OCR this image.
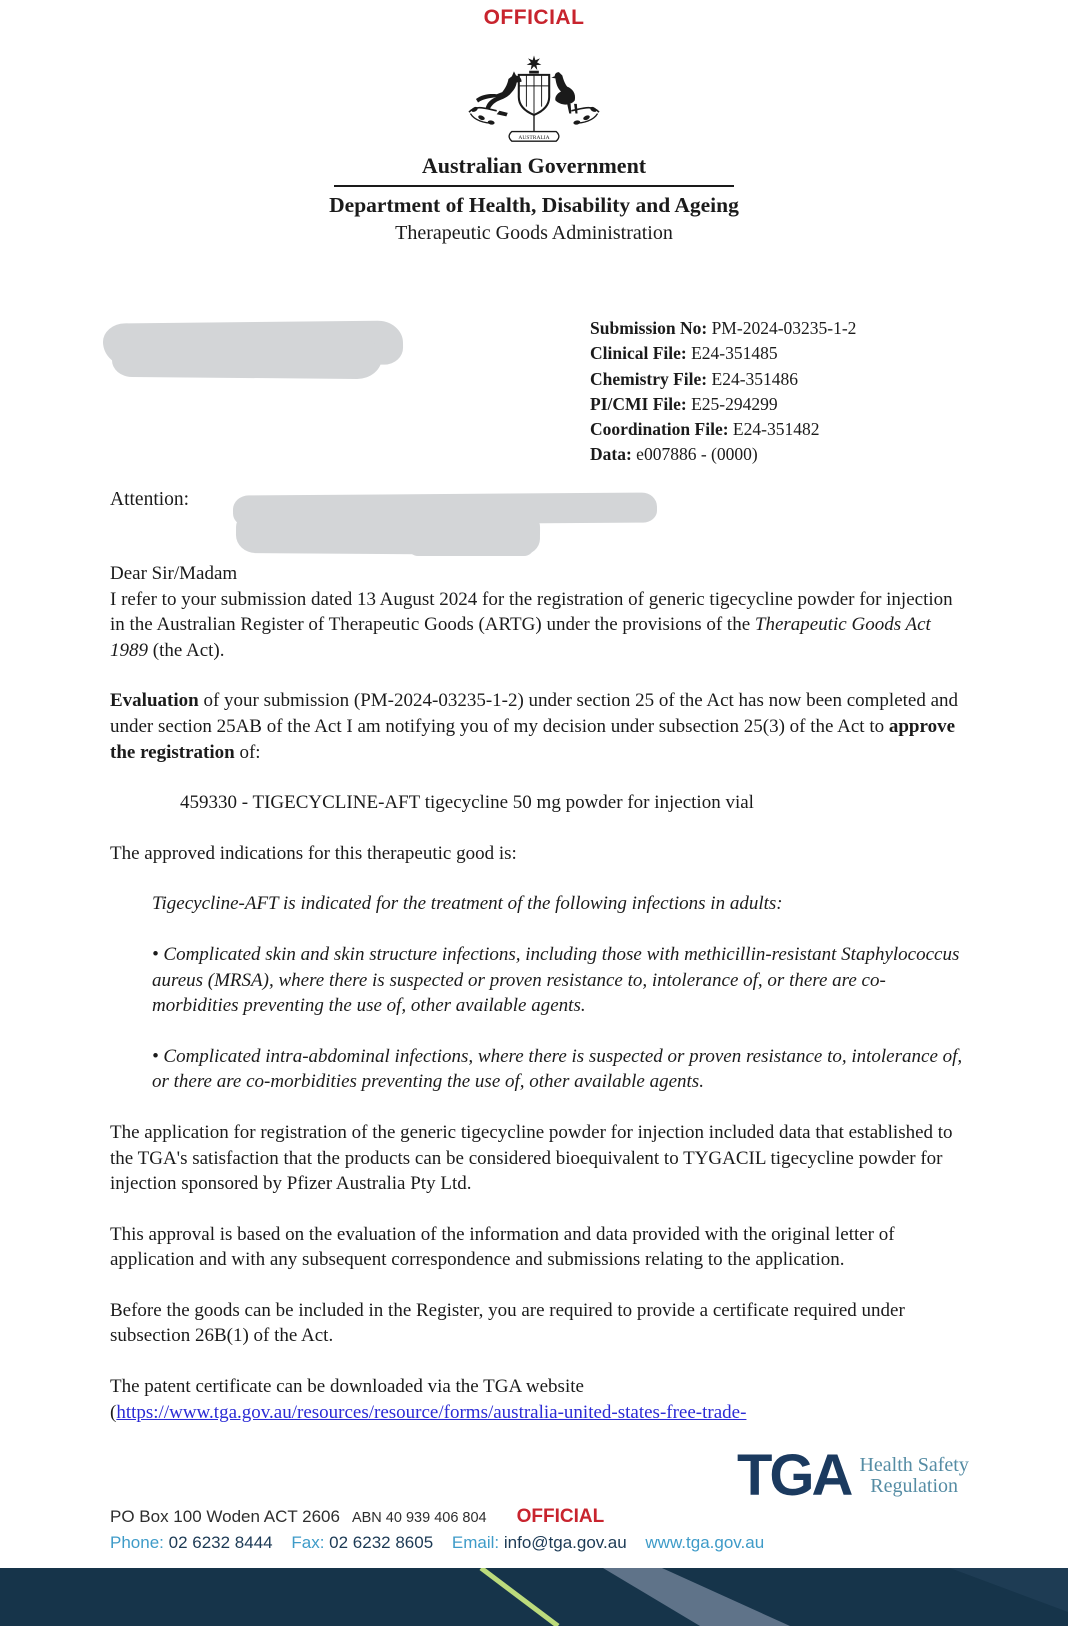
OFFICIAL
AUSTRALIA
Australian Government
Department of Health, Disability and Ageing
Therapeutic Goods Administration
Submission No: PM-2024-03235-1-2
Clinical File: E24-351485
Chemistry File: E24-351486
PI/CMI File: E25-294299
Coordination File: E24-351482
Data: e007886 - (0000)
Attention:

Dear Sir/Madam

I refer to your submission dated 13 August 2024 for the registration of generic tigecycline powder for injection in the Australian Register of Therapeutic Goods (ARTG) under the provisions of the Therapeutic Goods Act 1989 (the Act).

Evaluation of your submission (PM-2024-03235-1-2) under section 25 of the Act has now been completed and under section 25AB of the Act I am notifying you of my decision under subsection 25(3) of the Act to approve the registration of:

459330 - TIGECYCLINE-AFT tigecycline 50 mg powder for injection vial

The approved indications for this therapeutic good is:

Tigecycline-AFT is indicated for the treatment of the following infections in adults:

• Complicated skin and skin structure infections, including those with methicillin-resistant Staphylococcus aureus (MRSA), where there is suspected or proven resistance to, intolerance of, or there are co-morbidities preventing the use of, other available agents.

• Complicated intra-abdominal infections, where there is suspected or proven resistance to, intolerance of, or there are co-morbidities preventing the use of, other available agents.

The application for registration of the generic tigecycline powder for injection included data that established to the TGA's satisfaction that the products can be considered bioequivalent to TYGACIL tigecycline powder for injection sponsored by Pfizer Australia Pty Ltd.

This approval is based on the evaluation of the information and data provided with the original letter of application and with any subsequent correspondence and submissions relating to the application.

Before the goods can be included in the Register, you are required to provide a certificate required under subsection 26B(1) of the Act.

The patent certificate can be downloaded via the TGA website
(https://www.tga.gov.au/resources/resource/forms/australia-united-states-free-trade-

PO Box 100 Woden ACT 2606 ABN 40 939 406 804 OFFICIAL
Phone: 02 6232 8444 Fax: 02 6232 8605 Email: info@tga.gov.au www.tga.gov.au
TGA Health Safety
Regulation
